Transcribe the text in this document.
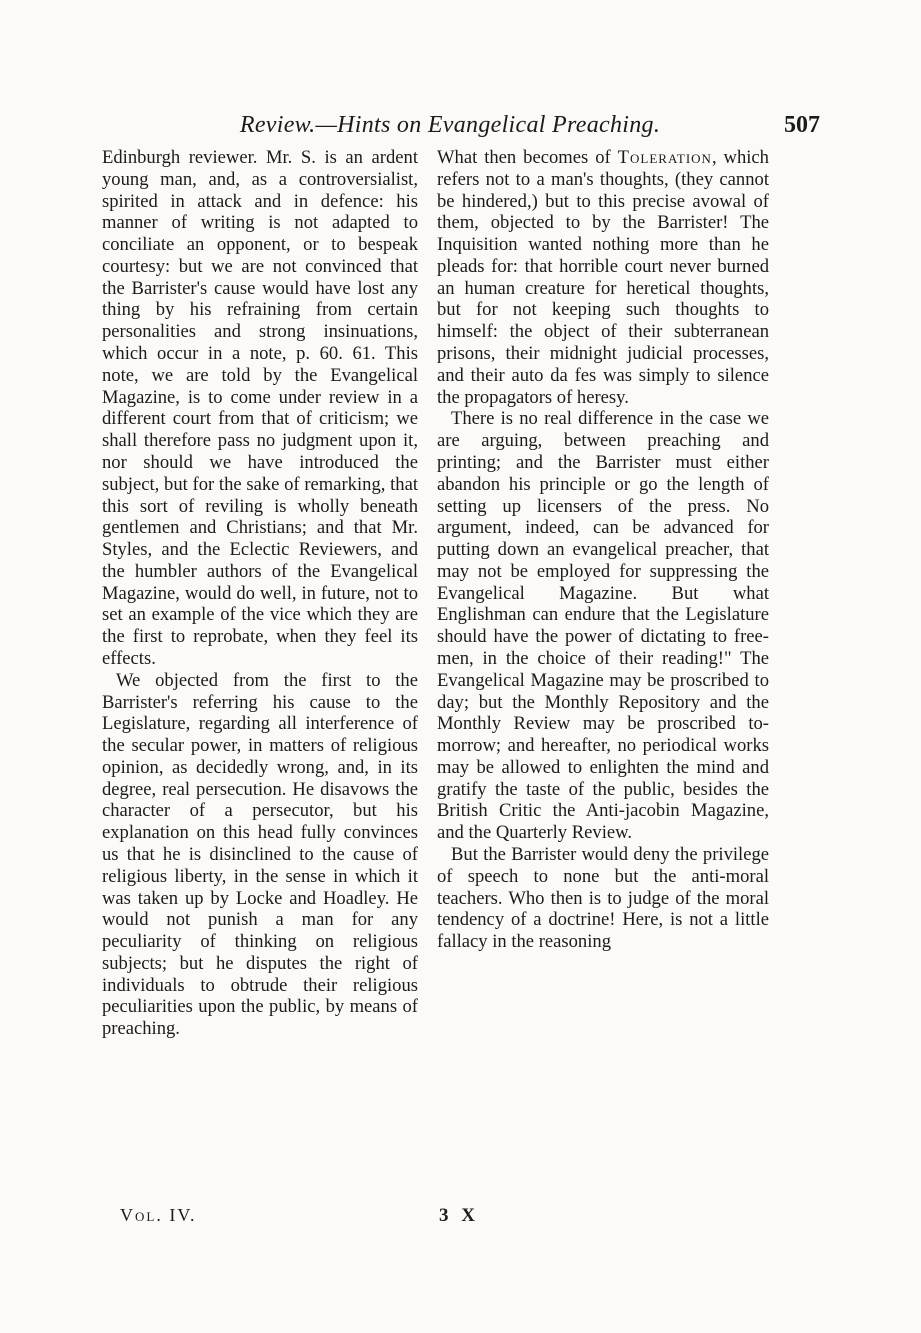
Review.—Hints on Evangelical Preaching.	507

Edinburgh reviewer. Mr. S. is an ardent young man, and, as a controversialist, spirited in attack and in defence: his manner of writing is not adapted to conciliate an opponent, or to bespeak courtesy: but we are not convinced that the Barrister's cause would have lost any thing by his refraining from certain personalities and strong insinuations, which occur in a note, p. 60. 61. This note, we are told by the Evangelical Magazine, is to come under review in a different court from that of criticism; we shall therefore pass no judgment upon it, nor should we have introduced the subject, but for the sake of remarking, that this sort of reviling is wholly beneath gentlemen and Christians; and that Mr. Styles, and the Eclectic Reviewers, and the humbler authors of the Evangelical Magazine, would do well, in future, not to set an example of the vice which they are the first to reprobate, when they feel its effects.

We objected from the first to the Barrister's referring his cause to the Legislature, regarding all interference of the secular power, in matters of religious opinion, as decidedly wrong, and, in its degree, real persecution. He disavows the character of a persecutor, but his explanation on this head fully convinces us that he is disinclined to the cause of religious liberty, in the sense in which it was taken up by Locke and Hoadley. He would not punish a man for any peculiarity of thinking on religious subjects; but he disputes the right of individuals to obtrude their religious peculiarities upon the public, by means of preaching.

What then becomes of Toleration, which refers not to a man's thoughts, (they cannot be hindered,) but to this precise avowal of them, objected to by the Barrister! The Inquisition wanted nothing more than he pleads for: that horrible court never burned an human creature for heretical thoughts, but for not keeping such thoughts to himself: the object of their subterranean prisons, their midnight judicial processes, and their auto da fes was simply to silence the propagators of heresy.

There is no real difference in the case we are arguing, between preaching and printing; and the Barrister must either abandon his principle or go the length of setting up licensers of the press. No argument, indeed, can be advanced for putting down an evangelical preacher, that may not be employed for suppressing the Evangelical Magazine. But what Englishman can endure that the Legislature should have the power of dictating to free-men, in the choice of their reading!" The Evangelical Magazine may be proscribed to day; but the Monthly Repository and the Monthly Review may be proscribed to-morrow; and hereafter, no periodical works may be allowed to enlighten the mind and gratify the taste of the public, besides the British Critic the Anti-jacobin Magazine, and the Quarterly Review.

But the Barrister would deny the privilege of speech to none but the anti-moral teachers. Who then is to judge of the moral tendency of a doctrine! Here, is not a little fallacy in the reasoning

Vol. IV.	3 X
